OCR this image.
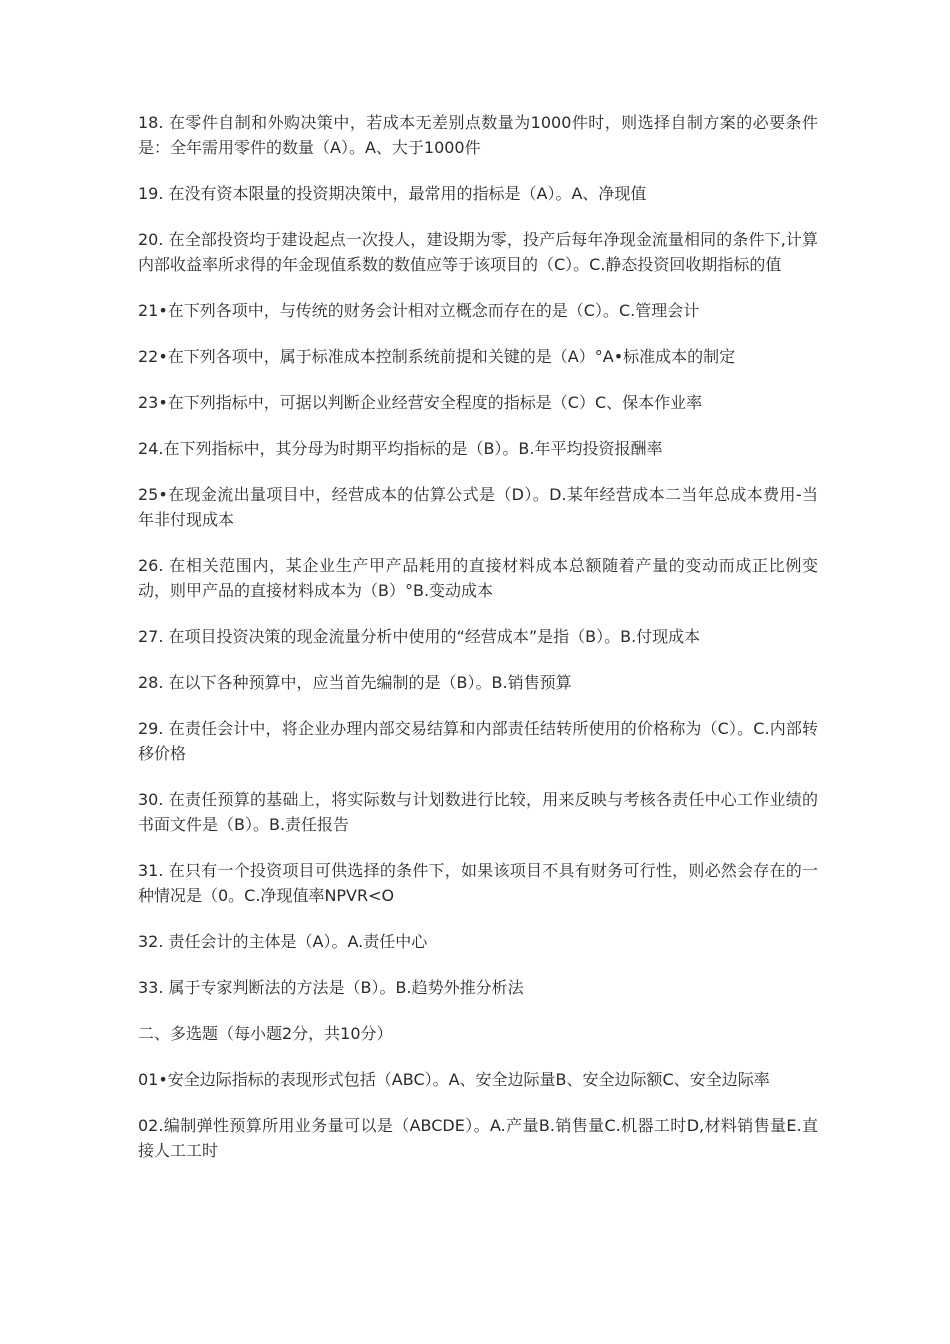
18. 在零件自制和外购决策中，若成本无差别点数量为1000件时，则选择自制方案的必要条件是：全年需用零件的数量（A）。A、大于1000件

19. 在没有资本限量的投资期决策中，最常用的指标是（A）。A、净现值

20. 在全部投资均于建设起点一次投人，建设期为零，投产后每年净现金流量相同的条件下,计算内部收益率所求得的年金现值系数的数值应等于该项目的（C）。C.静态投资回收期指标的值

21•在下列各项中，与传统的财务会计相对立概念而存在的是（C）。C.管理会计

22•在下列各项中，属于标准成本控制系统前提和关键的是（A）°A•标准成本的制定

23•在下列指标中，可据以判断企业经营安全程度的指标是（C）C、保本作业率

24.在下列指标中，其分母为时期平均指标的是（B）。B.年平均投资报酬率

25•在现金流出量项目中，经营成本的估算公式是（D）。D.某年经营成本二当年总成本费用-当年非付现成本

26. 在相关范围内，某企业生产甲产品耗用的直接材料成本总额随着产量的变动而成正比例变动，则甲产品的直接材料成本为（B）°B.变动成本

27. 在项目投资决策的现金流量分析中使用的“经营成本”是指（B）。B.付现成本

28. 在以下各种预算中，应当首先编制的是（B）。B.销售预算

29. 在责任会计中，将企业办理内部交易结算和内部责任结转所使用的价格称为（C）。C.内部转移价格

30. 在责任预算的基础上，将实际数与计划数进行比较，用来反映与考核各责任中心工作业绩的书面文件是（B）。B.责任报告

31. 在只有一个投资项目可供选择的条件下，如果该项目不具有财务可行性，则必然会存在的一种情况是（0。C.净现值率NPVR<O

32. 责任会计的主体是（A）。A.责任中心

33. 属于专家判断法的方法是（B）。B.趋势外推分析法

二、多选题（每小题2分，共10分）

01•安全边际指标的表现形式包括（ABC）。A、安全边际量B、安全边际额C、安全边际率

02.编制弹性预算所用业务量可以是（ABCDE）。A.产量B.销售量C.机器工时D,材料销售量E.直接人工工时
